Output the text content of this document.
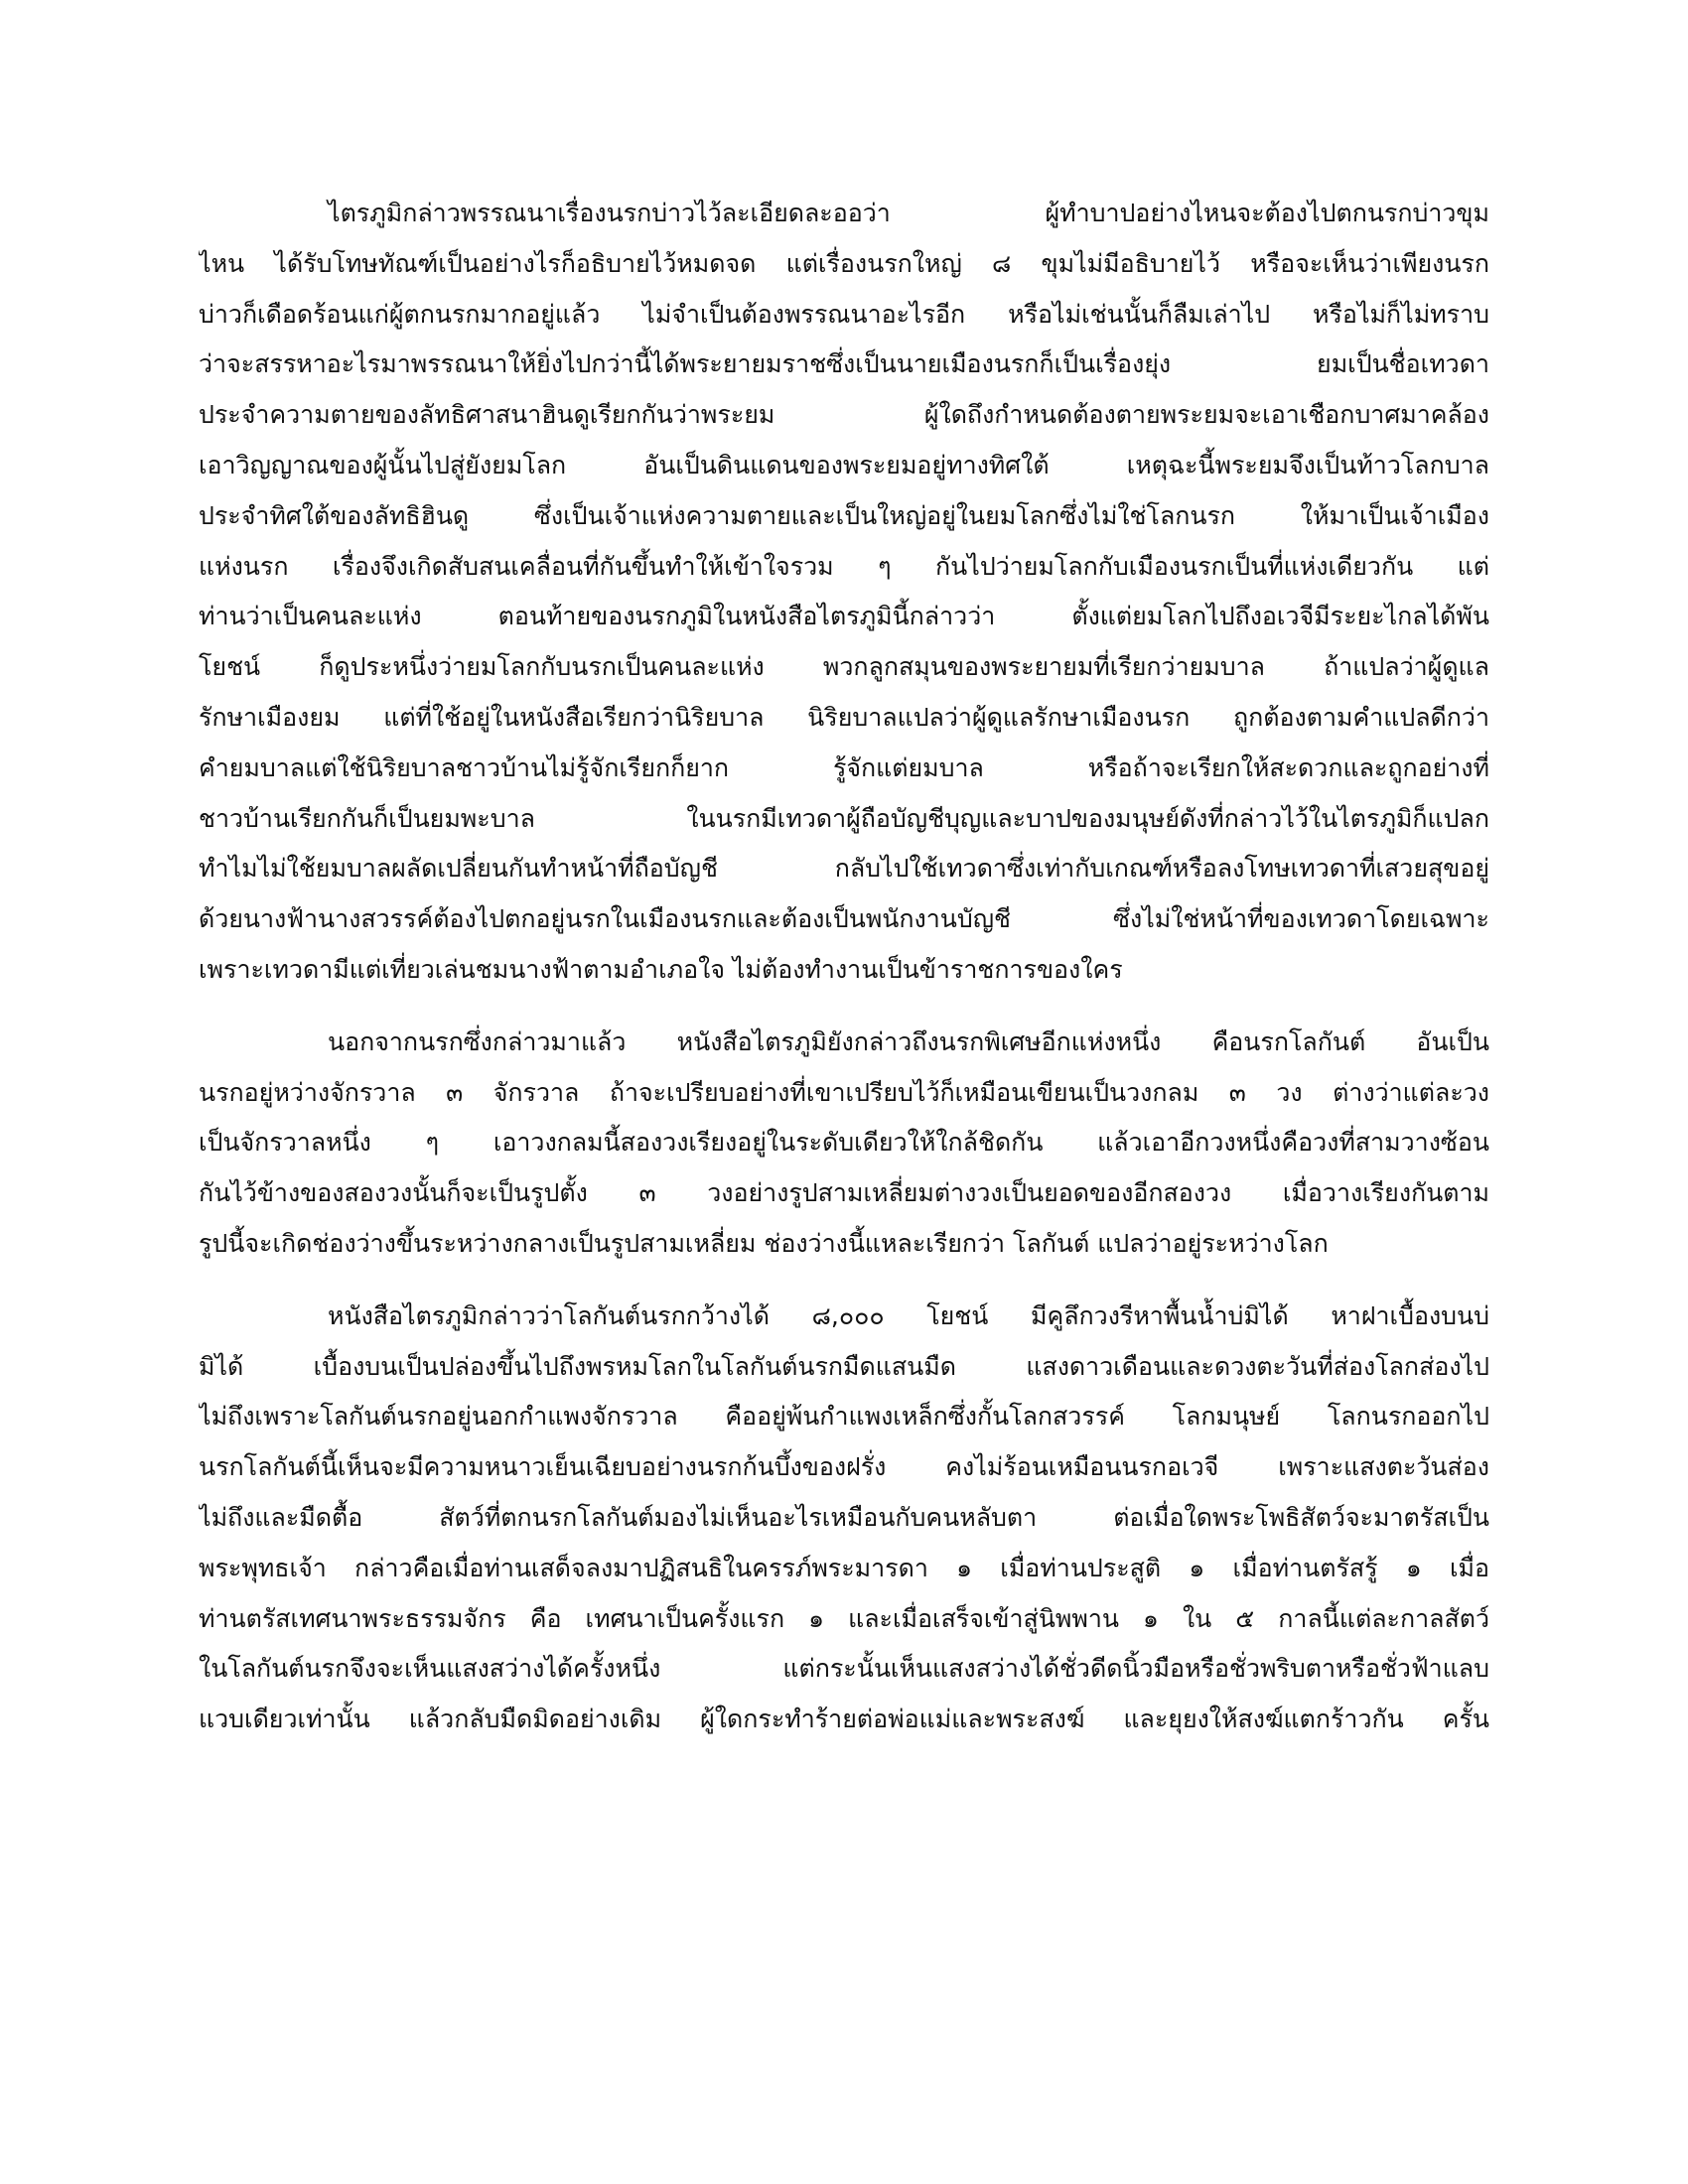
ไตรภูมิกล่าวพรรณนาเรื่องนรกบ่าวไว้ละเอียดละออว่า ผู้ทำบาปอย่างไหนจะต้องไปตกนรกบ่าวขุม
ไหน ได้รับโทษทัณฑ์เป็นอย่างไรก็อธิบายไว้หมดจด แต่เรื่องนรกใหญ่ ๘ ขุมไม่มีอธิบายไว้ หรือจะเห็นว่าเพียงนรก
บ่าวก็เดือดร้อนแก่ผู้ตกนรกมากอยู่แล้ว ไม่จำเป็นต้องพรรณนาอะไรอีก หรือไม่เช่นนั้นก็ลืมเล่าไป หรือไม่ก็ไม่ทราบ
ว่าจะสรรหาอะไรมาพรรณนาให้ยิ่งไปกว่านี้ได้พระยายมราชซึ่งเป็นนายเมืองนรกก็เป็นเรื่องยุ่ง ยมเป็นชื่อเทวดา
ประจำความตายของลัทธิศาสนาฮินดูเรียกกันว่าพระยม ผู้ใดถึงกำหนดต้องตายพระยมจะเอาเชือกบาศมาคล้อง
เอาวิญญาณของผู้นั้นไปสู่ยังยมโลก อันเป็นดินแดนของพระยมอยู่ทางทิศใต้ เหตุฉะนี้พระยมจึงเป็นท้าวโลกบาล
ประจำทิศใต้ของลัทธิฮินดู ซึ่งเป็นเจ้าแห่งความตายและเป็นใหญ่อยู่ในยมโลกซึ่งไม่ใช่โลกนรก ให้มาเป็นเจ้าเมือง
แห่งนรก เรื่องจึงเกิดสับสนเคลื่อนที่กันขึ้นทำให้เข้าใจรวม ๆ กันไปว่ายมโลกกับเมืองนรกเป็นที่แห่งเดียวกัน แต่
ท่านว่าเป็นคนละแห่ง ตอนท้ายของนรกภูมิในหนังสือไตรภูมินี้กล่าวว่า ตั้งแต่ยมโลกไปถึงอเวจีมีระยะไกลได้พัน
โยชน์ ก็ดูประหนึ่งว่ายมโลกกับนรกเป็นคนละแห่ง พวกลูกสมุนของพระยายมที่เรียกว่ายมบาล ถ้าแปลว่าผู้ดูแล
รักษาเมืองยม แต่ที่ใช้อยู่ในหนังสือเรียกว่านิริยบาล นิริยบาลแปลว่าผู้ดูแลรักษาเมืองนรก ถูกต้องตามคำแปลดีกว่า
คำยมบาลแต่ใช้นิริยบาลชาวบ้านไม่รู้จักเรียกก็ยาก รู้จักแต่ยมบาล หรือถ้าจะเรียกให้สะดวกและถูกอย่างที่
ชาวบ้านเรียกกันก็เป็นยมพะบาล ในนรกมีเทวดาผู้ถือบัญชีบุญและบาปของมนุษย์ดังที่กล่าวไว้ในไตรภูมิก็แปลก
ทำไมไม่ใช้ยมบาลผลัดเปลี่ยนกันทำหน้าที่ถือบัญชี กลับไปใช้เทวดาซึ่งเท่ากับเกณฑ์หรือลงโทษเทวดาที่เสวยสุขอยู่
ด้วยนางฟ้านางสวรรค์ต้องไปตกอยู่นรกในเมืองนรกและต้องเป็นพนักงานบัญชี ซึ่งไม่ใช่หน้าที่ของเทวดาโดยเฉพาะ
เพราะเทวดามีแต่เที่ยวเล่นชมนางฟ้าตามอำเภอใจ ไม่ต้องทำงานเป็นข้าราชการของใคร
นอกจากนรกซึ่งกล่าวมาแล้ว หนังสือไตรภูมิยังกล่าวถึงนรกพิเศษอีกแห่งหนึ่ง คือนรกโลกันต์ อันเป็น
นรกอยู่หว่างจักรวาล ๓ จักรวาล ถ้าจะเปรียบอย่างที่เขาเปรียบไว้ก็เหมือนเขียนเป็นวงกลม ๓ วง ต่างว่าแต่ละวง
เป็นจักรวาลหนึ่ง ๆ เอาวงกลมนี้สองวงเรียงอยู่ในระดับเดียวให้ใกล้ชิดกัน แล้วเอาอีกวงหนึ่งคือวงที่สามวางซ้อน
กันไว้ข้างของสองวงนั้นก็จะเป็นรูปตั้ง ๓ วงอย่างรูปสามเหลี่ยมต่างวงเป็นยอดของอีกสองวง เมื่อวางเรียงกันตาม
รูปนี้จะเกิดช่องว่างขึ้นระหว่างกลางเป็นรูปสามเหลี่ยม ช่องว่างนี้แหละเรียกว่า โลกันต์ แปลว่าอยู่ระหว่างโลก
หนังสือไตรภูมิกล่าวว่าโลกันต์นรกกว้างได้ ๘,๐๐๐ โยชน์ มีคูลึกวงรีหาพื้นน้ำบ่มิได้ หาฝาเบื้องบนบ่
มิได้ เบื้องบนเป็นปล่องขึ้นไปถึงพรหมโลกในโลกันต์นรกมืดแสนมืด แสงดาวเดือนและดวงตะวันที่ส่องโลกส่องไป
ไม่ถึงเพราะโลกันต์นรกอยู่นอกกำแพงจักรวาล คืออยู่พ้นกำแพงเหล็กซึ่งกั้นโลกสวรรค์ โลกมนุษย์ โลกนรกออกไป
นรกโลกันต์นี้เห็นจะมีความหนาวเย็นเฉียบอย่างนรกก้นบึ้งของฝรั่ง คงไม่ร้อนเหมือนนรกอเวจี เพราะแสงตะวันส่อง
ไม่ถึงและมืดตื้อ สัตว์ที่ตกนรกโลกันต์มองไม่เห็นอะไรเหมือนกับคนหลับตา ต่อเมื่อใดพระโพธิสัตว์จะมาตรัสเป็น
พระพุทธเจ้า กล่าวคือเมื่อท่านเสด็จลงมาปฏิสนธิในครรภ์พระมารดา ๑ เมื่อท่านประสูติ ๑ เมื่อท่านตรัสรู้ ๑ เมื่อ
ท่านตรัสเทศนาพระธรรมจักร คือ เทศนาเป็นครั้งแรก ๑ และเมื่อเสร็จเข้าสู่นิพพาน ๑ ใน ๕ กาลนี้แต่ละกาลสัตว์
ในโลกันต์นรกจึงจะเห็นแสงสว่างได้ครั้งหนึ่ง แต่กระนั้นเห็นแสงสว่างได้ชั่วดีดนิ้วมือหรือชั่วพริบตาหรือชั่วฟ้าแลบ
แวบเดียวเท่านั้น แล้วกลับมืดมิดอย่างเดิม ผู้ใดกระทำร้ายต่อพ่อแม่และพระสงฆ์ และยุยงให้สงฆ์แตกร้าวกัน ครั้น
